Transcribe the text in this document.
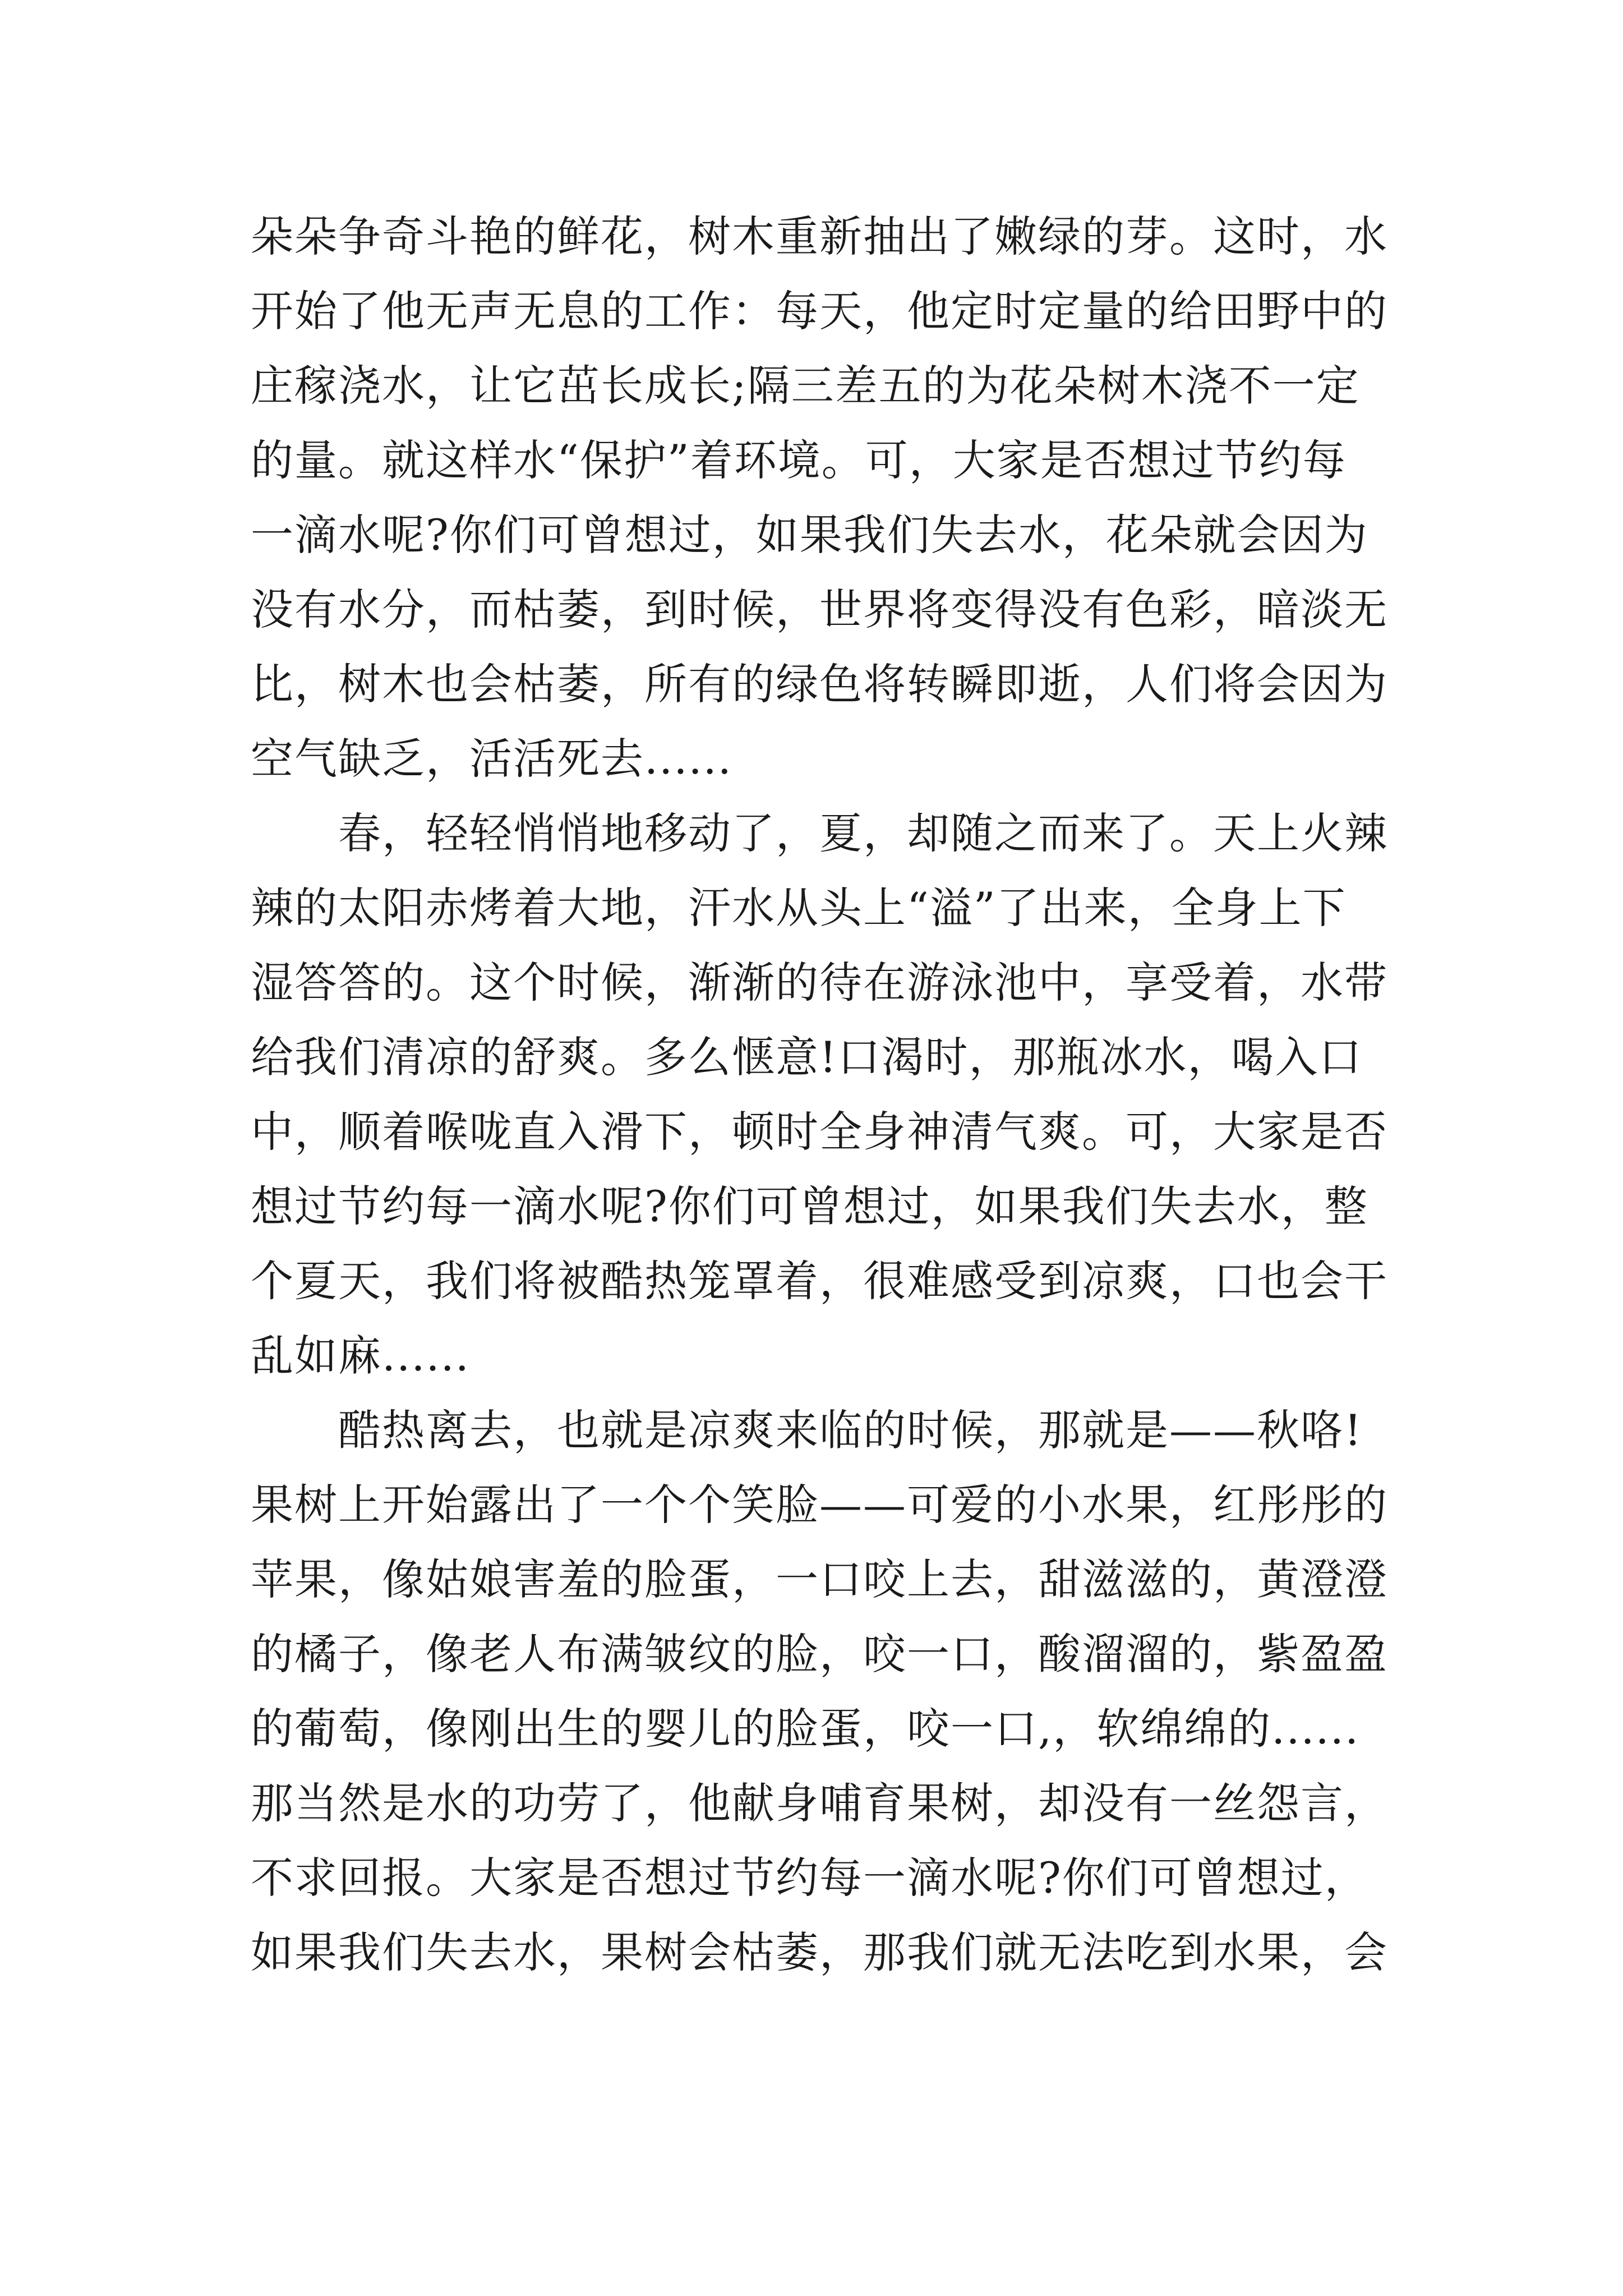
朵朵争奇斗艳的鲜花，树木重新抽出了嫩绿的芽。这时，水
开始了他无声无息的工作：每天，他定时定量的给田野中的
庄稼浇水，让它茁长成长;隔三差五的为花朵树木浇不一定
的量。就这样水“保护”着环境。可，大家是否想过节约每
一滴水呢?你们可曾想过，如果我们失去水，花朵就会因为
没有水分，而枯萎，到时候，世界将变得没有色彩，暗淡无
比，树木也会枯萎，所有的绿色将转瞬即逝，人们将会因为
空气缺乏，活活死去......
春，轻轻悄悄地移动了，夏，却随之而来了。天上火辣
辣的太阳赤烤着大地，汗水从头上“溢”了出来，全身上下
湿答答的。这个时候，渐渐的待在游泳池中，享受着，水带
给我们清凉的舒爽。多么惬意!口渴时，那瓶冰水，喝入口
中，顺着喉咙直入滑下，顿时全身神清气爽。可，大家是否
想过节约每一滴水呢?你们可曾想过，如果我们失去水，整
个夏天，我们将被酷热笼罩着，很难感受到凉爽，口也会干
乱如麻......
酷热离去，也就是凉爽来临的时候，那就是——秋咯!
果树上开始露出了一个个笑脸——可爱的小水果，红彤彤的
苹果，像姑娘害羞的脸蛋，一口咬上去，甜滋滋的，黄澄澄
的橘子，像老人布满皱纹的脸，咬一口，酸溜溜的，紫盈盈
的葡萄，像刚出生的婴儿的脸蛋，咬一口,，软绵绵的......
那当然是水的功劳了，他献身哺育果树，却没有一丝怨言，
不求回报。大家是否想过节约每一滴水呢?你们可曾想过，
如果我们失去水，果树会枯萎，那我们就无法吃到水果，会
